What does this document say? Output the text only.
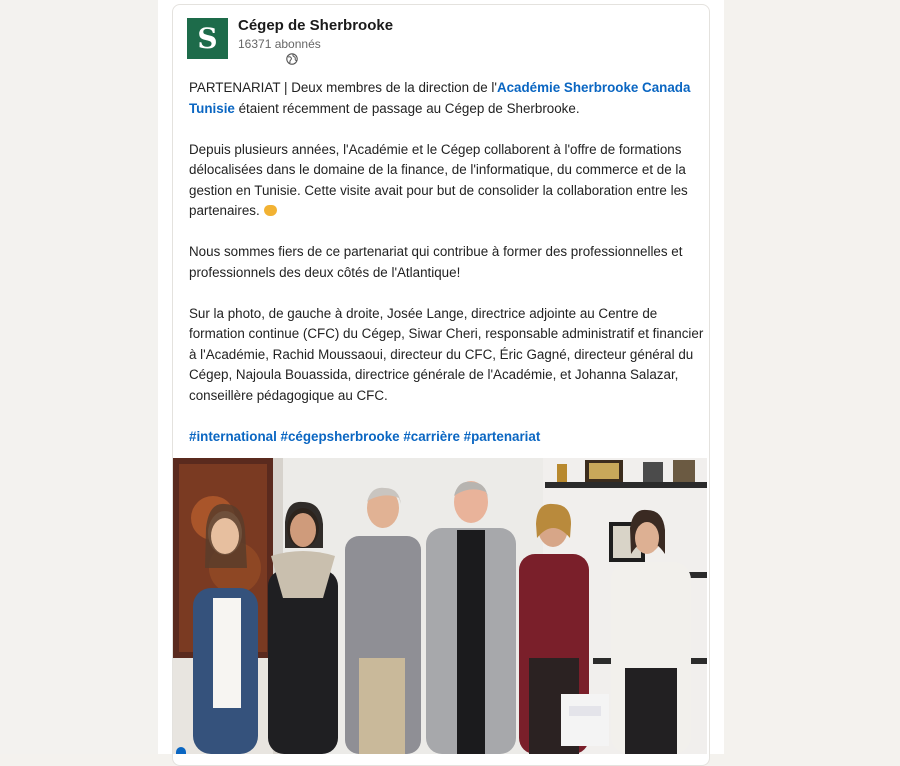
S Cégep de Sherbrooke
16371 abonnés

PARTENARIAT | Deux membres de la direction de l'Académie Sherbrooke Canada Tunisie étaient récemment de passage au Cégep de Sherbrooke.

Depuis plusieurs années, l'Académie et le Cégep collaborent à l'offre de formations délocalisées dans le domaine de la finance, de l'informatique, du commerce et de la gestion en Tunisie. Cette visite avait pour but de consolider la collaboration entre les partenaires.

Nous sommes fiers de ce partenariat qui contribue à former des professionnelles et professionnels des deux côtés de l'Atlantique!

Sur la photo, de gauche à droite, Josée Lange, directrice adjointe au Centre de formation continue (CFC) du Cégep, Siwar Cheri, responsable administratif et financier à l'Académie, Rachid Moussaoui, directeur du CFC, Éric Gagné, directeur général du Cégep, Najoula Bouassida, directrice générale de l'Académie, et Johanna Salazar, conseillère pédagogique au CFC.

#international #cégepsherbrooke #carrière #partenariat
